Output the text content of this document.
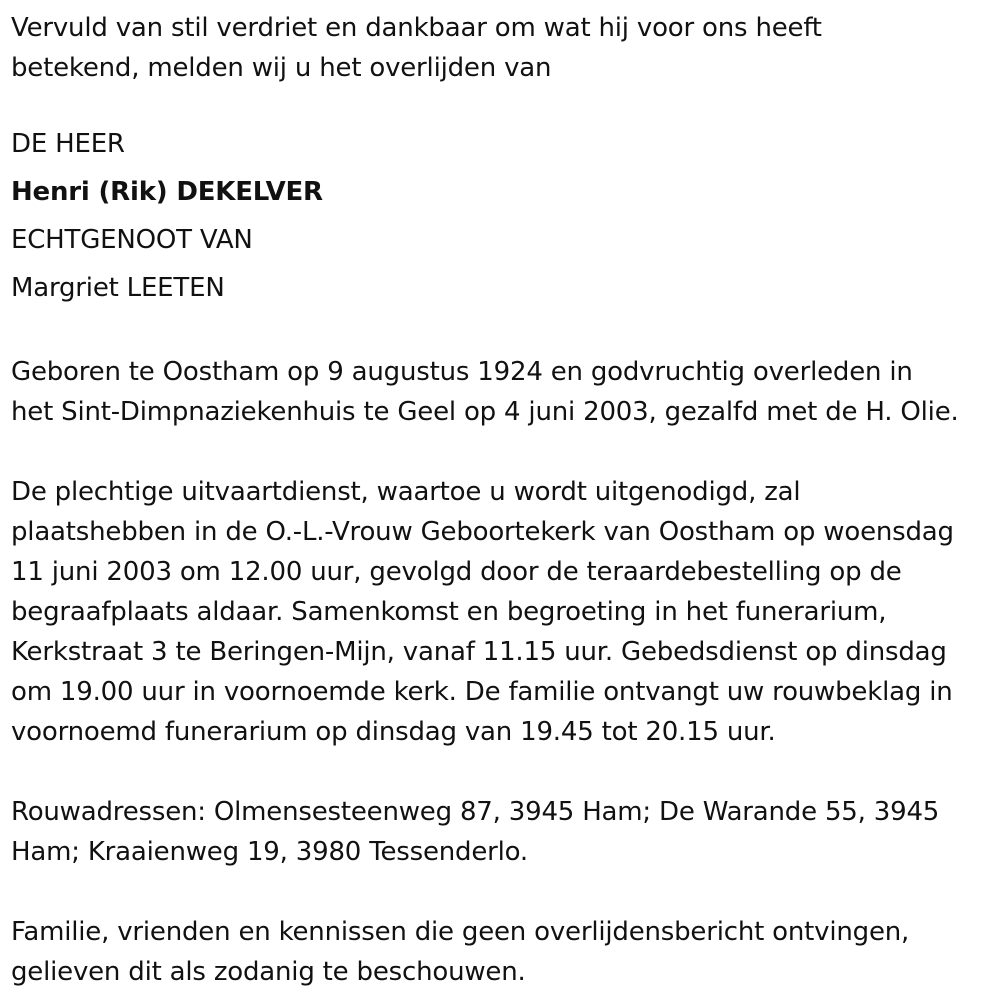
Vervuld van stil verdriet en dankbaar om wat hij voor ons heeft
betekend, melden wij u het overlijden van
DE HEER
Henri (Rik) DEKELVER
ECHTGENOOT VAN
Margriet LEETEN
Geboren te Oostham op 9 augustus 1924 en godvruchtig overleden in
het Sint-Dimpnaziekenhuis te Geel op 4 juni 2003, gezalfd met de H. Olie.
De plechtige uitvaartdienst, waartoe u wordt uitgenodigd, zal
plaatshebben in de O.-L.-Vrouw Geboortekerk van Oostham op woensdag
11 juni 2003 om 12.00 uur, gevolgd door de teraardebestelling op de
begraafplaats aldaar. Samenkomst en begroeting in het funerarium,
Kerkstraat 3 te Beringen-Mijn, vanaf 11.15 uur. Gebedsdienst op dinsdag
om 19.00 uur in voornoemde kerk. De familie ontvangt uw rouwbeklag in
voornoemd funerarium op dinsdag van 19.45 tot 20.15 uur.
Rouwadressen: Olmensesteenweg 87, 3945 Ham; De Warande 55, 3945
Ham; Kraaienweg 19, 3980 Tessenderlo.
Familie, vrienden en kennissen die geen overlijdensbericht ontvingen,
gelieven dit als zodanig te beschouwen.
